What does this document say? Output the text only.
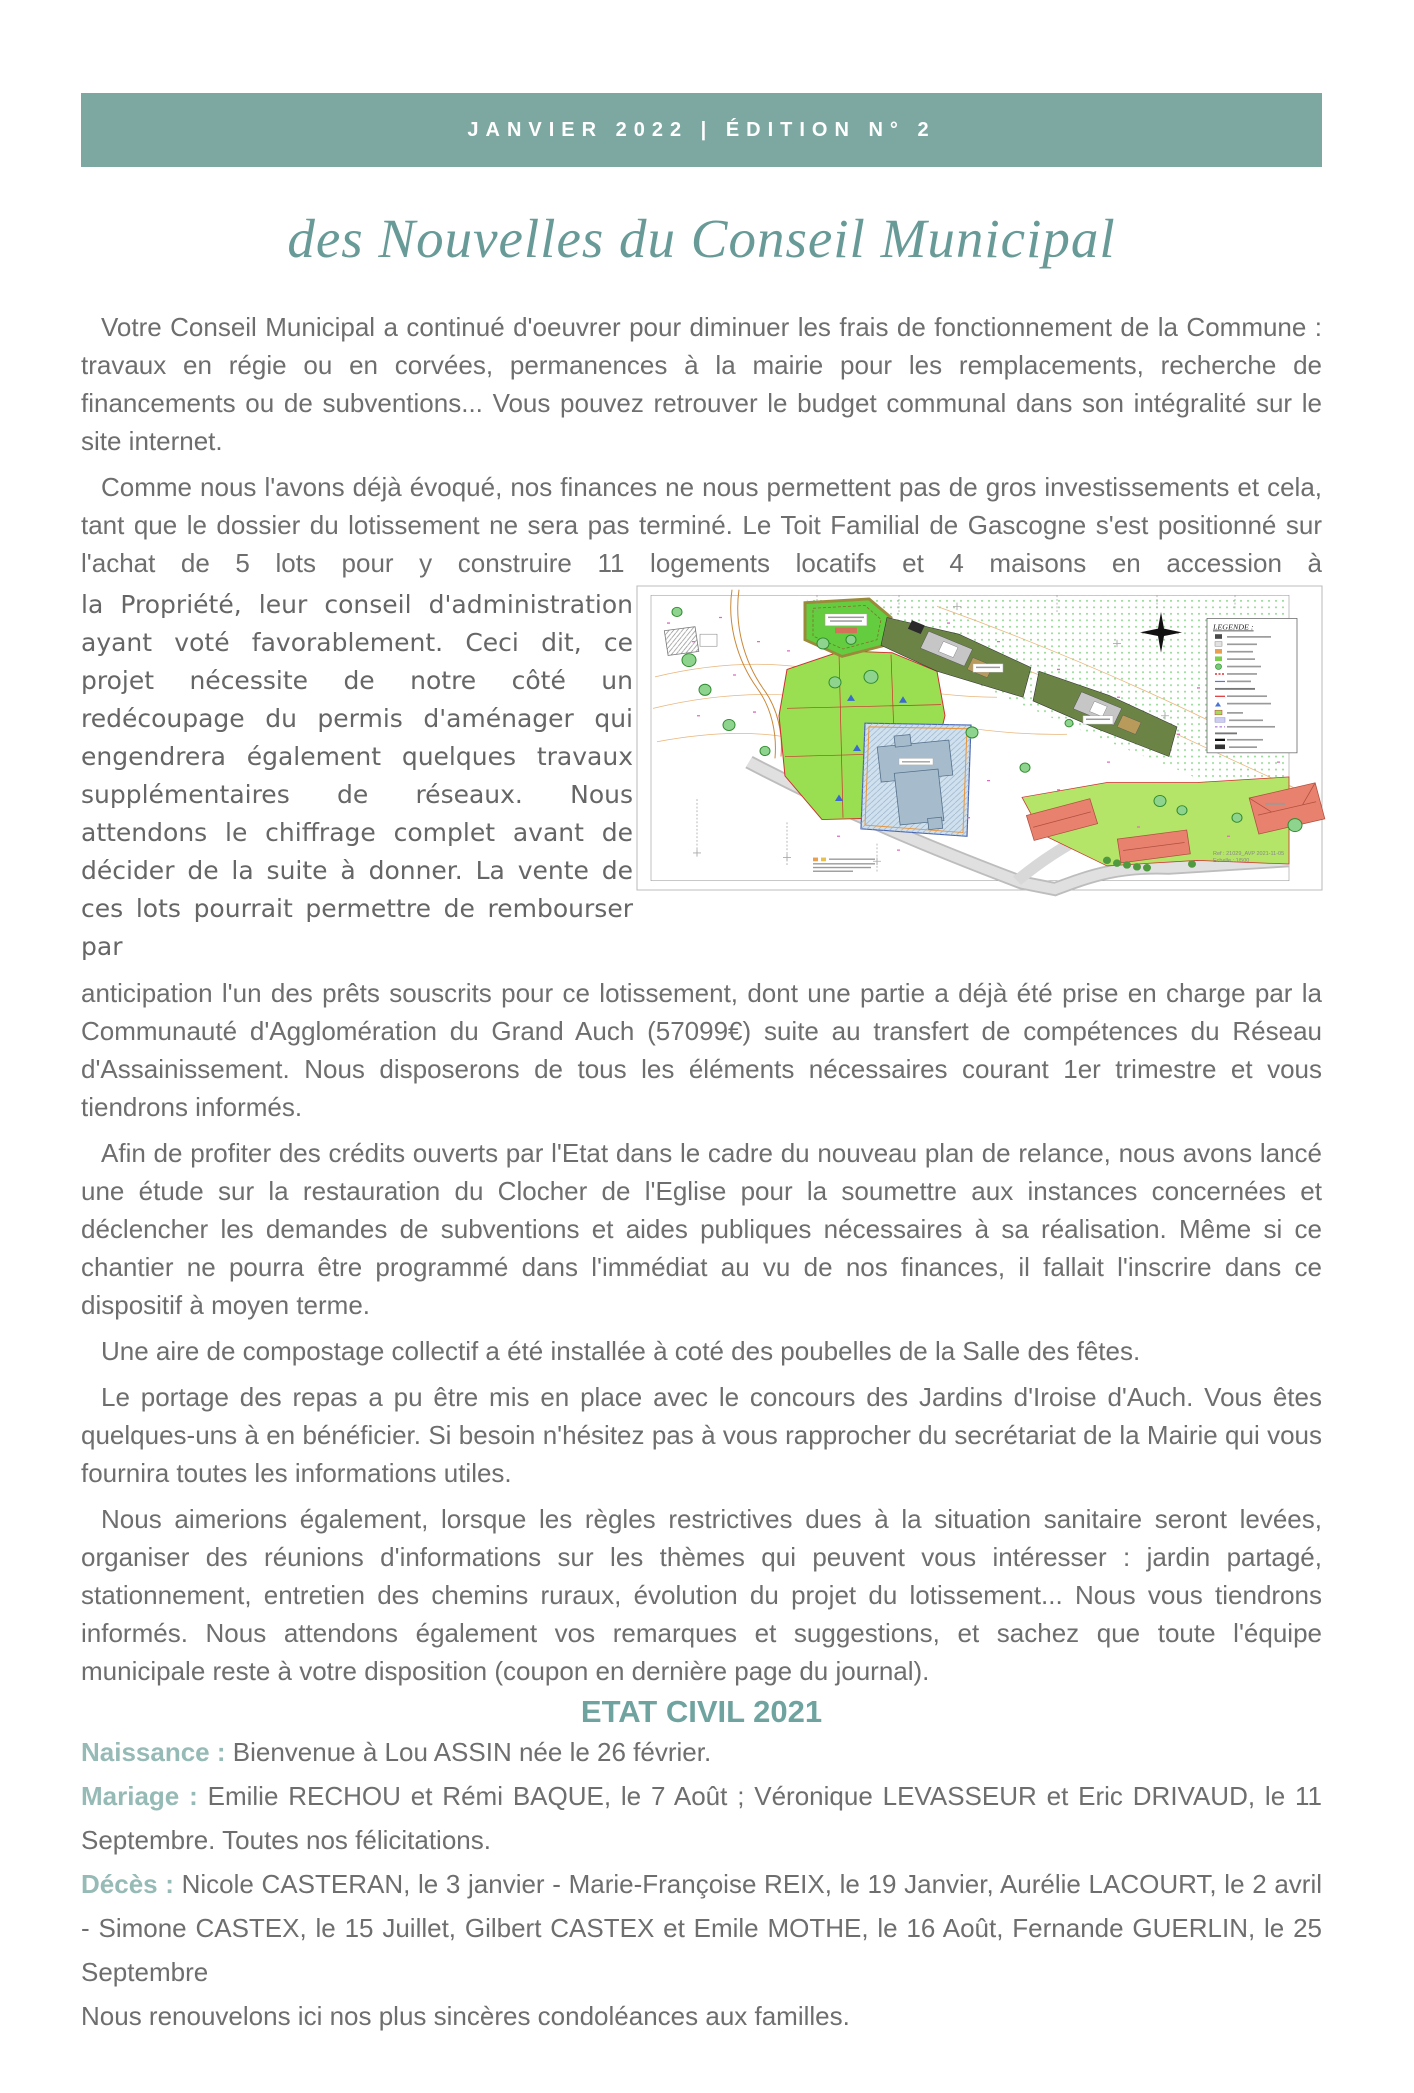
JANVIER 2022 | ÉDITION N° 2
des Nouvelles du Conseil Municipal

Votre Conseil Municipal a continué d'oeuvrer pour diminuer les frais de fonctionnement de la Commune : travaux en régie ou en corvées, permanences à la mairie pour les remplacements, recherche de financements ou de subventions... Vous pouvez retrouver le budget communal dans son intégralité sur le site internet.

Comme nous l'avons déjà évoqué, nos finances ne nous permettent pas de gros investissements et cela, tant que le dossier du lotissement ne sera pas terminé. Le Toit Familial de Gascogne s'est positionné sur l'achat de 5 lots pour y construire 11 logements locatifs et 4 maisons en accession à

LEGENDE :
Ref : 21029_AVP 2021-11-05
Echelle : 1/500

la Propriété, leur conseil d'administration ayant voté favorablement. Ceci dit, ce projet nécessite de notre côté un redécoupage du permis d'aménager qui engendrera également quelques travaux supplémentaires de réseaux. Nous attendons le chiffrage complet avant de décider de la suite à donner. La vente de ces lots pourrait permettre de rembourser par

anticipation l'un des prêts souscrits pour ce lotissement, dont une partie a déjà été prise en charge par la Communauté d'Agglomération du Grand Auch (57099€) suite au transfert de compétences du Réseau d'Assainissement. Nous disposerons de tous les éléments nécessaires courant 1er trimestre et vous tiendrons informés.

Afin de profiter des crédits ouverts par l'Etat dans le cadre du nouveau plan de relance, nous avons lancé une étude sur la restauration du Clocher de l'Eglise pour la soumettre aux instances concernées et déclencher les demandes de subventions et aides publiques nécessaires à sa réalisation. Même si ce chantier ne pourra être programmé dans l'immédiat au vu de nos finances, il fallait l'inscrire dans ce dispositif à moyen terme.

Une aire de compostage collectif a été installée à coté des poubelles de la Salle des fêtes.

Le portage des repas a pu être mis en place avec le concours des Jardins d'Iroise d'Auch. Vous êtes quelques-uns à en bénéficier. Si besoin n'hésitez pas à vous rapprocher du secrétariat de la Mairie qui vous fournira toutes les informations utiles.

Nous aimerions également, lorsque les règles restrictives dues à la situation sanitaire seront levées, organiser des réunions d'informations sur les thèmes qui peuvent vous intéresser : jardin partagé, stationnement, entretien des chemins ruraux, évolution du projet du lotissement... Nous vous tiendrons informés. Nous attendons également vos remarques et suggestions, et sachez que toute l'équipe municipale reste à votre disposition (coupon en dernière page du journal).

ETAT CIVIL 2021

Naissance : Bienvenue à Lou ASSIN née le 26 février.

Mariage : Emilie RECHOU et Rémi BAQUE, le 7 Août ; Véronique LEVASSEUR et Eric DRIVAUD, le 11 Septembre. Toutes nos félicitations.

Décès : Nicole CASTERAN, le 3 janvier - Marie-Françoise REIX, le 19 Janvier, Aurélie LACOURT, le 2 avril - Simone CASTEX, le 15 Juillet, Gilbert CASTEX et Emile MOTHE, le 16 Août, Fernande GUERLIN, le 25 Septembre

Nous renouvelons ici nos plus sincères condoléances aux familles.
